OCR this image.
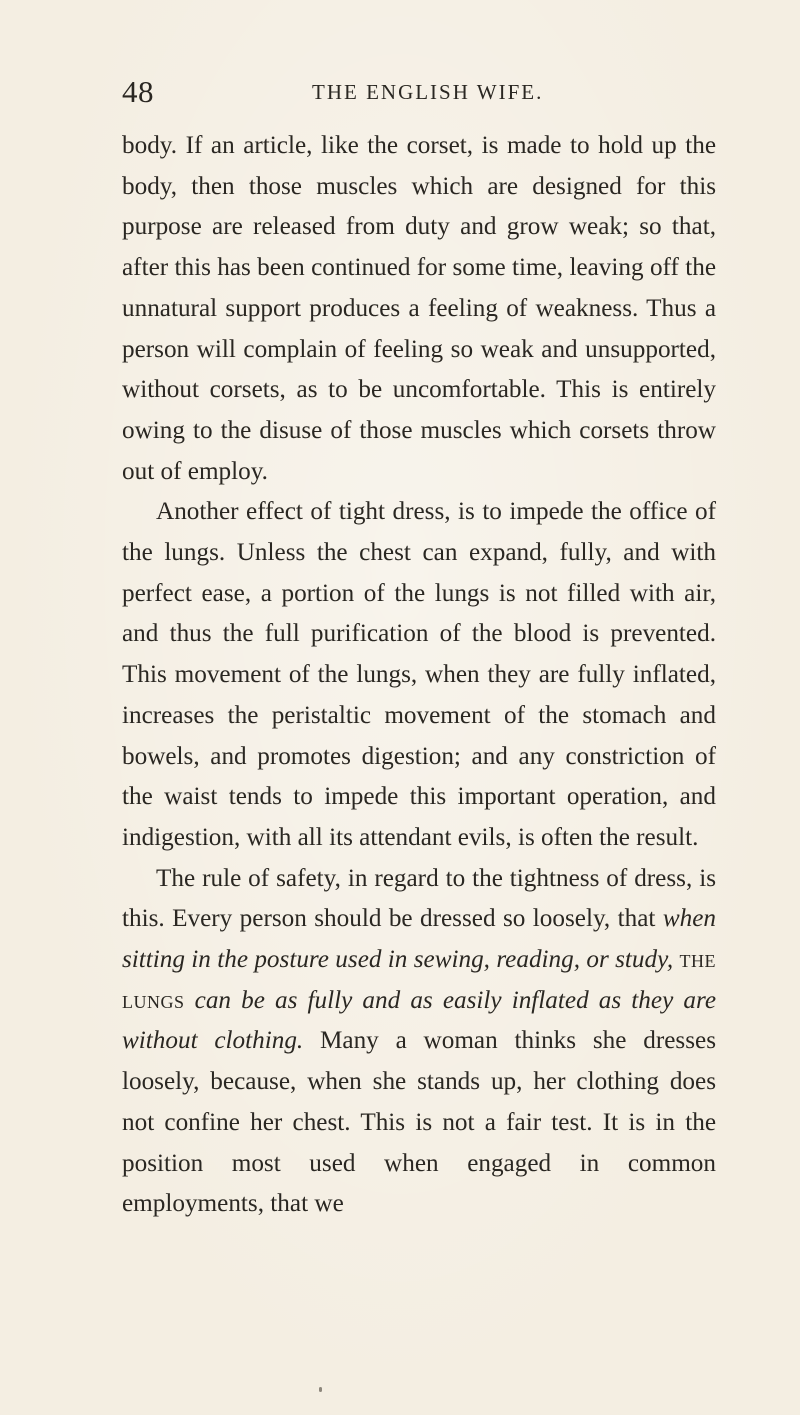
48	THE ENGLISH WIFE.

body. If an article, like the corset, is made to hold up the body, then those muscles which are designed for this purpose are released from duty and grow weak; so that, after this has been continued for some time, leaving off the unnatural support produces a feeling of weakness. Thus a person will complain of feeling so weak and unsupported, without corsets, as to be uncomfortable. This is entirely owing to the disuse of those muscles which corsets throw out of employ.

Another effect of tight dress, is to impede the office of the lungs. Unless the chest can expand, fully, and with perfect ease, a portion of the lungs is not filled with air, and thus the full purification of the blood is prevented. This movement of the lungs, when they are fully inflated, increases the peristaltic movement of the stomach and bowels, and promotes digestion; and any constriction of the waist tends to impede this important operation, and indigestion, with all its attendant evils, is often the result.

The rule of safety, in regard to the tightness of dress, is this. Every person should be dressed so loosely, that when sitting in the posture used in sewing, reading, or study, the lungs can be as fully and as easily inflated as they are without clothing. Many a woman thinks she dresses loosely, because, when she stands up, her clothing does not confine her chest. This is not a fair test. It is in the position most used when engaged in common employments, that we
